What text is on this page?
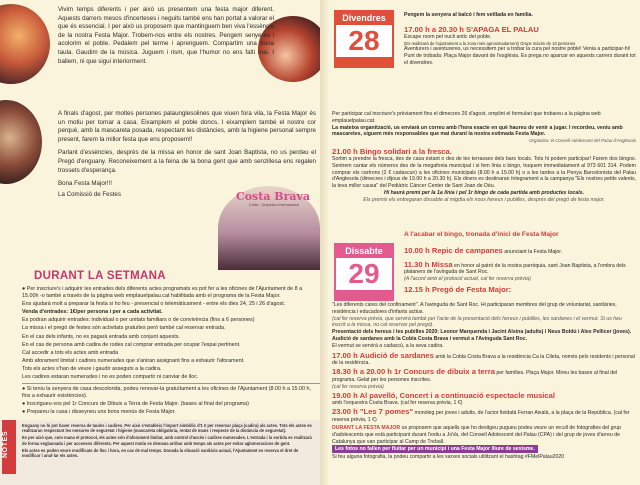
Vivim temps diferents i per això us presentem una festa major diferent. Aquests darrers mesos d'incerteses i neguits també ens han portat a valorar el que és essencial. I per això us proposem que mantinguem ben viva l'essència de la nostra Festa Major. Trobem-nos entre els nostres. Pengem senyeres i acolorim el poble. Pedalem pel terme i aprenguem. Compartim una bona taula. Gaudim de la música. Juguem i rism, que l'humor no ens falti mai. I ballem, ni que sigui interiorment.

A finals d'agost, per moltes persones palaunglesolines que viuen fora vila, la Festa Major és un motiu per tornar a casa. Eixamplem el poble doncs. I eixamplem també el nostre cor perquè, amb la mascareta posada, respectant les distàncies, amb la higiene personal sempre present, farem la millor festa que ens proposem!!

Parlant d'essències, després de la missa en honor de sant Joan Baptista, no us perdeu el Pregó d'enguany. Reconeixement a la feina de la bona gent que amb senzillesa ens regalen trossets d'esperança.

Bona Festa Major!!!

La Comissió de Festes	Costa Brava
Cobla · Orquestra Internacional
DURANT LA SETMANA

● Per inscriure's i adquirir les entrades dels diferents actes programats es pot fer a les oficines de l'Ajuntament de 8 a 15.00h -o també a través de la pàgina web emplauelpalau.cat habilitada amb el programa de la Festa Major.

Ens ajudarà molt a preparar la festa si ho feu - presencial o telemàticament - entre els dies 24, 25 i 26 d'agost.

Venda d'entrades: 1€/per persona i per a cada activitat.

Es podran adquirir entrades: individual o per unitats familiars o de convivència (fins a 6 persones)

La missa i el pregó de festes són activitats gratuïtes però també cal reservar entrada.

En el cas dels infants, no es pagarà entrada amb conjunt aquests.

En el cas de persona amb cadira de rodes cal comprar entrada per ocupar l'espai pertinent.

Cal accedir a tots els actes amb entrada

Amb aforament limitat i cadires numerades que s'aniran assignant fins a exhaurir l'aforament.

Tots els actes s'han de veure i gaudir asseguts a la cadira.

Les cadires estaran numerades i no es poden compartir ni canviar de lloc.

● Si teniu la senyera de casa descolorida, podeu renovar-la gratuïtament a les oficines de l'Ajuntament (8.00 h a 15.00 h, fins a exhaurir existències).

● Inscrigueu-vos pel 1r Concurs de Dibuix a Terra de Festa Major. (bases al final del programa)

● Prepareu la casa i disseyneu uns bons menús de Festa Major.

NOTES

Enguany no hi pot haver reserva de taules i cadires. Per això s'estableix l'import simbòlic d'1 € per reservar plaça (cadira) als actes. Tots els actes es realitzaran respectant les mesures de seguretat i higiene (mascareta obligatòria, rentat de mans i respecte de la distància de seguretat).

Es per això que, com mana el protocol, els actes són d'aforament limitat, amb control d'accés i cadires numerades. L'entrada i la sortida es realitzarà de forma esglaonada i per accessos diferents. Per aquest motiu es demana arribar amb temps als actes per evitar aglomeracions de gent.

Els actes es poden veure modificats de lloc i hora, en cas de mal temps. Donada la situació sanitària actual, l'Ajuntament es reserva el dret de modificar i anul·lar els actes.

Divendres
28
Pengem la senyera al balcó i fem vetllada en família.
17.00 h a 20.30 h S'APAGA EL PALAU
Escape room pel nucli antic del poble.
(Es realitzarà de l'ajuntament a la zona més aproximadament) Grups màxim de 10 persones
Aventurers i aventureres, us necessitem per a trobar la cura pel nostre poble! Venia a participar-hi!
Punt de trobada: Plaça Major davant de l'església. Es prega no aparcar en aquests carrers durant tot el divendres.
Per participar cal inscriure's prèviament fins el dimecres 26 d'agost, omplint el formulari que trobareu a la pàgina web emplauelpalau.cat.
La mateixa organització, us enviarà un correu amb l'hora exacte en què haureu de venir a jugar. I recordeu, veniu amb mascaretes, siguem més responsables que mai durant la nostra estimada Festa Major.
Organitza: el Consell Adolescent del Palau d'Anglesola
21.00 h Bingo solidari a la fresca.
Sortim a prendre la fresca, des de casa estant o des de les terrasses dels bars locals. Tots hi podem participar! Farem dos bingos. Sentrem cantar els números des de la megafonia municipal i si fem línia o bingo, truquem immediatament al 973 601 314. Podem comprar els cartrons (2 € cadascun) a les oficines municipals (8.00 h a 15.00 h) o a les tardes a la Penya Barcelonista del Palau d'Anglesola (dimecres i dijous de 19.00 h a 20.30 h). Els diners es destinaran íntegrament a la campanya "Els nostres petits valents, la teva millor causa" del Pediàtric Càncer Center de Sant Joan de Déu.
Hi haurà premi per la 1a línia i pel 1r bingo de cada partida amb productes locals.
Els premis els entregaran dissabte al migdia els nous hereus i pubilles, després del pregó de festa major.
Dissabte
29
A l'acabar el bingo, tronada d'inici de Festa Major
10.00 h Repic de campanes anunciant la Festa Major.
11.30 h Missa en honor al patró de la nostra parròquia, sant Joan Baptista, a l'ombra dels plataners de l'avinguda de Sant Roc.
(A l'acord amb el protocol actual, cal fer reserva prèvia)
12.15 h Pregó de Festa Major:
"Les diferents cares del confinament". A l'avinguda de Sant Roc. Hi participaran membres del grup de voluntariat, sanitàries, residència i educadores d'infants actius.
(cal fer reserva prèvia, que servirà també per l'acte de la presentació dels hereus i pubilles, les sardanes i el vermut. Si us heu inscrit a la missa, no cal reservar pel pregó).
Presentació dels hereus i les pubilles 2020: Leonor Marquenda i Jacint Alsina (adults) i Neus Boldú i Alex Pellicer (joves).
Audició de sardanes amb la Cobla Costa Brava i vermut a l'Avinguda Sant Roc.
El vermut se servirà a cadascú, a la seva cadira.
17.00 h Audició de sardanes amb la Cobla Costa Brava a la residència Ca la Cileta, només pels residents i personal de la residència.
18.30 h a 20.00 h 1r Concurs de dibuix a terra per famílies. Plaça Major. Mireu les bases al final del programa. Gelat per les persones inscrites.
(cal fer reserva prèvia)
19.00 h Al pavelló, Concert i a continuació espectacle musical
amb l'orquestra Costa Brava. (cal fer reserva prèvia, 1 €)
23.00 h "Les 7 pomes" monòleg per joves i adults, de l'actor lleidatà Ferran Aixalà, a la plaça de la República. (cal fer reserva prèvia, 1 €)
DURANT LA FESTA MAJOR us proposem que aquells que ho desitgeu pugueu podeu veure un recull de fotografies del grup d'adolescents que està participant durant l'estiu a JoVa, del Consell Adolescent del Palau (CPA) i del grup de joves d'arreu de Catalunya que van participar al Camp de Treball.
Les fotos no fallen per fluitar per un municipi i una Festa Major lliure de sexisme.
Si feu alguna fotografia, la podeu compartir a les xarxes socials utilitzant el hashtag #FMelPalau2020
